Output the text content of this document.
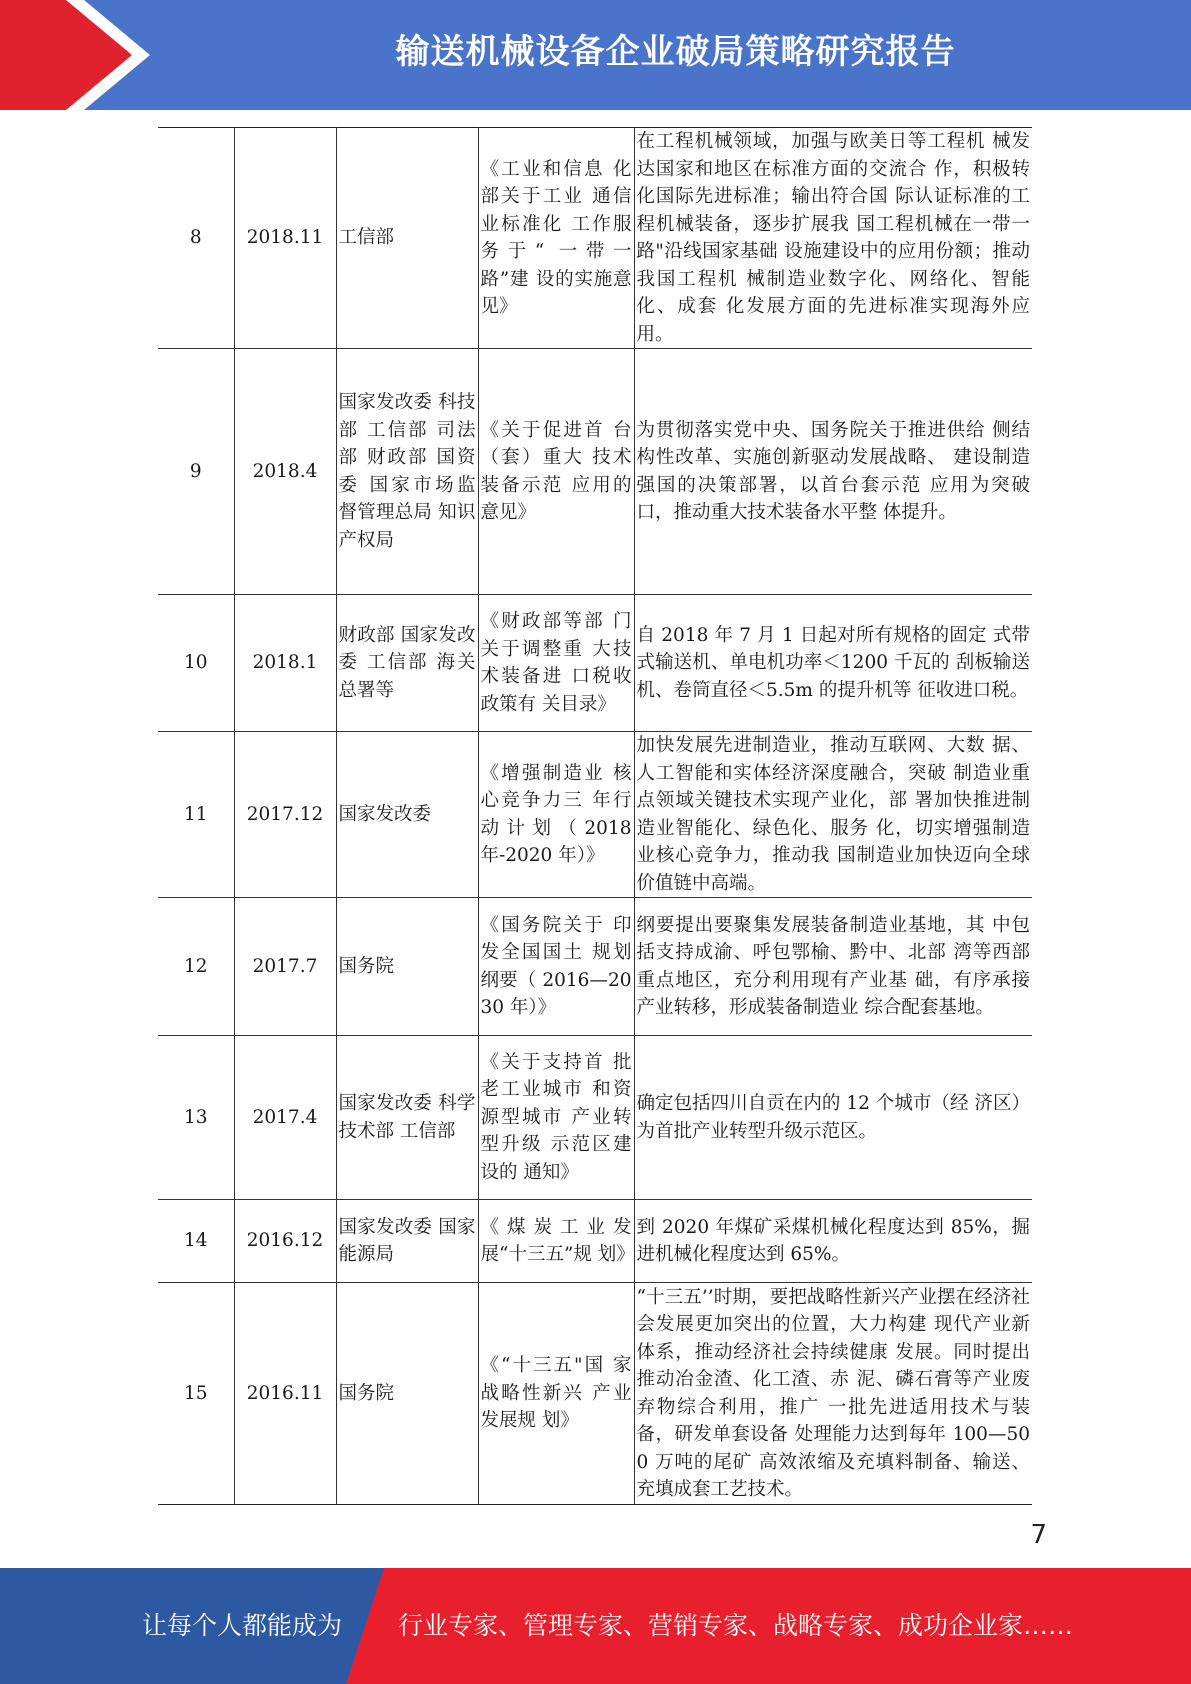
输送机械设备企业破局策略研究报告
8	2018.11	工信部	《工业和信息 化部关于工业 通信业标准化 工作服务于“ 一带一路”建 设的实施意见》	在工程机械领域，加强与欧美日等工程机 械发达国家和地区在标准方面的交流合 作，积极转化国际先进标准；输出符合国 际认证标准的工程机械装备，逐步扩展我 国工程机械在一带一路"沿线国家基础 设施建设中的应用份额；推动我国工程机 械制造业数字化、网络化、智能化、成套 化发展方面的先进标准实现海外应用。
9	2018.4	国家发改委 科技部 工信部 司法部 财政部 国资委 国家市场监 督管理总局 知识产权局	《关于促进首 台（套）重大 技术装备示范 应用的意见》	为贯彻落实党中央、国务院关于推进供给 侧结构性改革、实施创新驱动发展战略、 建设制造强国的决策部署，以首台套示范 应用为突破口，推动重大技术装备水平整 体提升。
10	2018.1	财政部 国家发改委 工信部 海关总署等	《财政部等部 门关于调整重 大技术装备进 口税收政策有 关目录》	自 2018 年 7 月 1 日起对所有规格的固定 式带式输送机、单电机功率＜1200 千瓦的 刮板输送机、卷筒直径＜5.5m 的提升机等 征收进口税。
11	2017.12	国家发改委	《增强制造业 核心竞争力三 年行动计划（2018 年-2020 年）》	加快发展先进制造业，推动互联网、大数 据、人工智能和实体经济深度融合，突破 制造业重点领域关键技术实现产业化，部 署加快推进制造业智能化、绿色化、服务 化，切实增强制造业核心竞争力，推动我 国制造业加快迈向全球价值链中高端。
12	2017.7	国务院	《国务院关于 印发全国国土 规划纲要（ 2016—2030 年）》	纲要提出要聚集发展装备制造业基地，其 中包括支持成渝、呼包鄂榆、黔中、北部 湾等西部重点地区，充分利用现有产业基 础，有序承接产业转移，形成装备制造业 综合配套基地。
13	2017.4	国家发改委 科学技术部 工信部	《关于支持首 批老工业城市 和资源型城市 产业转型升级 示范区建设的 通知》	确定包括四川自贡在内的 12 个城市（经 济区）为首批产业转型升级示范区。
14	2016.12	国家发改委 国家能源局	《煤炭工业发 展“十三五”规 划》	到 2020 年煤矿采煤机械化程度达到 85%，掘进机械化程度达到 65%。
15	2016.11	国务院	《“十三五"国 家战略性新兴 产业发展规 划》	“十三五’’时期，要把战略性新兴产业摆在经济社会发展更加突出的位置，大力构建 现代产业新体系，推动经济社会持续健康 发展。同时提出推动冶金渣、化工渣、赤 泥、磷石膏等产业废弃物综合利用，推广 一批先进适用技术与装备，研发单套设备 处理能力达到每年 100—500 万吨的尾矿 高效浓缩及充填料制备、输送、充填成套工艺技术。
7
让每个人都能成为 行业专家、管理专家、营销专家、战略专家、成功企业家……
